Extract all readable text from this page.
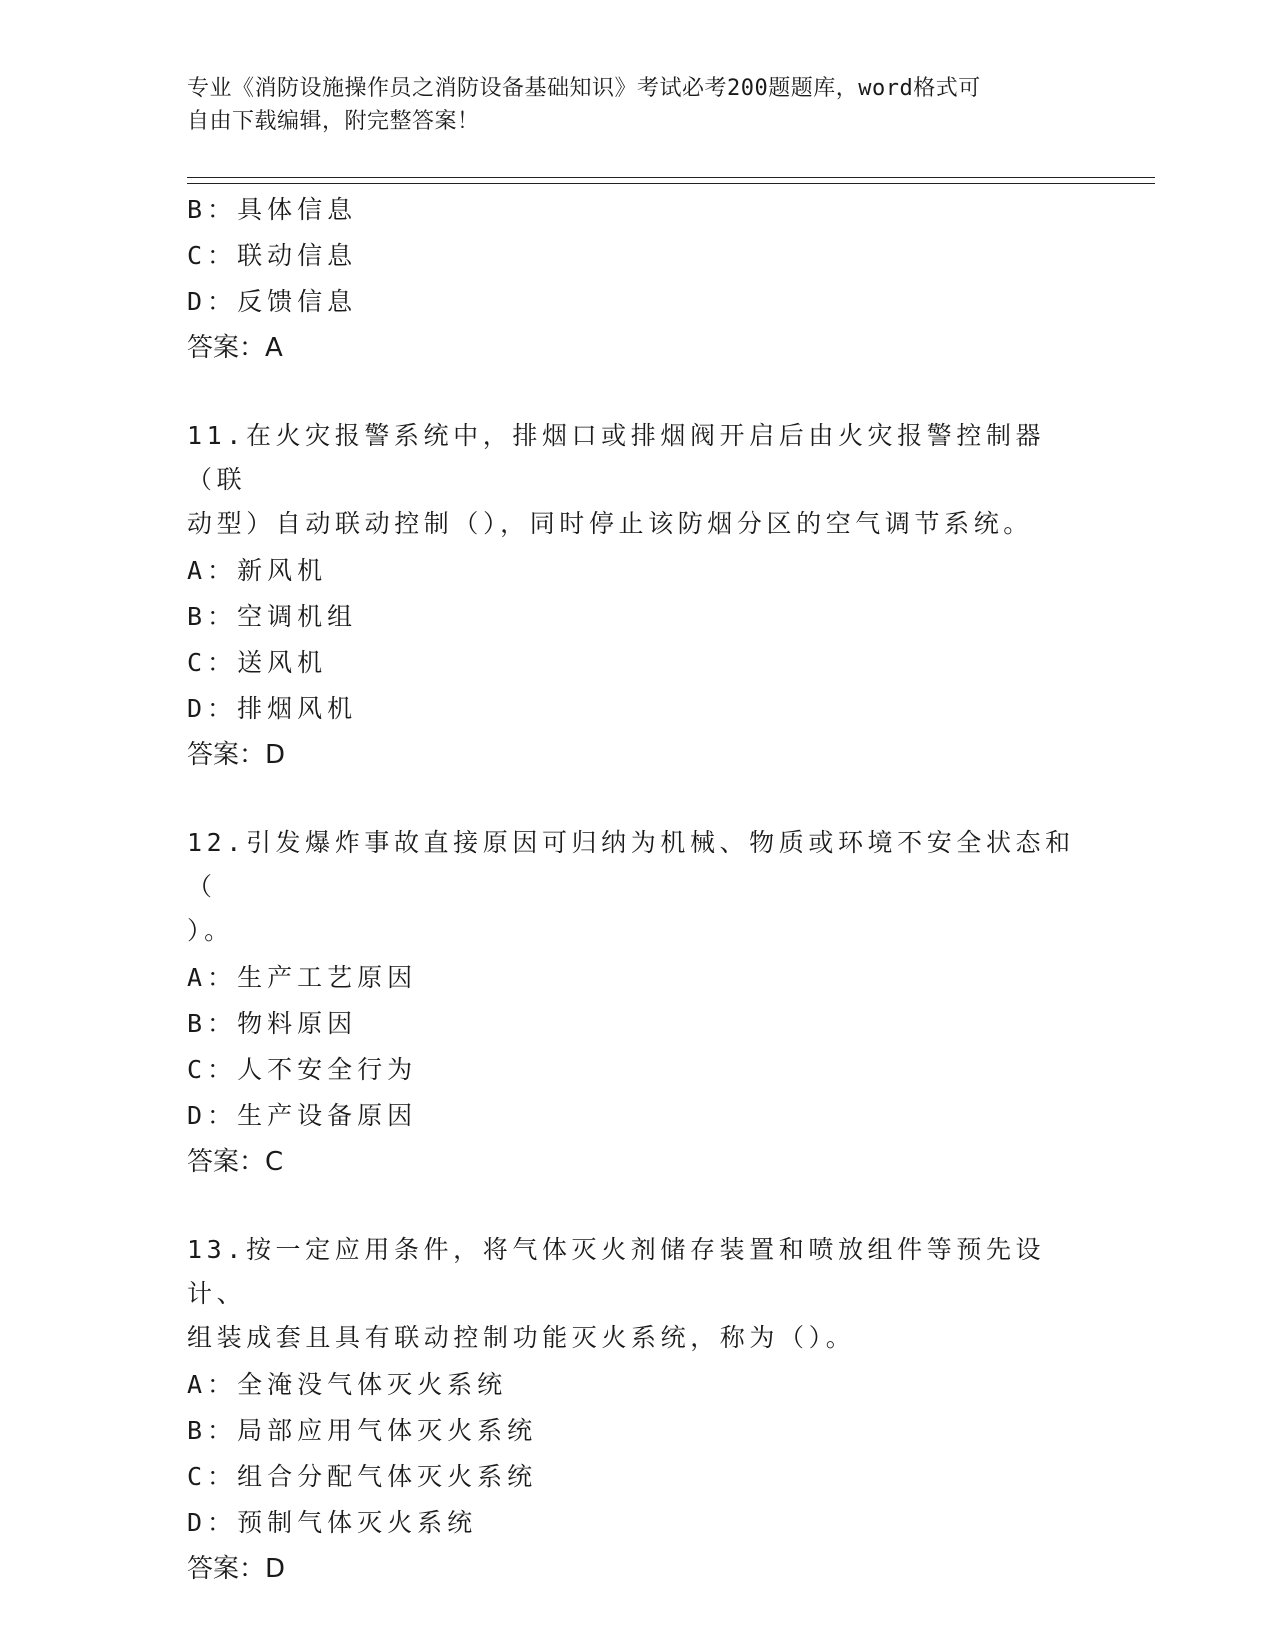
专业《消防设施操作员之消防设备基础知识》考试必考200题题库，word格式可
自由下载编辑，附完整答案！
B：具体信息
C：联动信息
D：反馈信息
答案：A
11.在火灾报警系统中，排烟口或排烟阀开启后由火灾报警控制器（联
动型）自动联动控制（），同时停止该防烟分区的空气调节系统。
A：新风机
B：空调机组
C：送风机
D：排烟风机
答案：D
12.引发爆炸事故直接原因可归纳为机械、物质或环境不安全状态和（
）。
A：生产工艺原因
B：物料原因
C：人不安全行为
D：生产设备原因
答案：C
13.按一定应用条件，将气体灭火剂储存装置和喷放组件等预先设计、
组装成套且具有联动控制功能灭火系统，称为（）。
A：全淹没气体灭火系统
B：局部应用气体灭火系统
C：组合分配气体灭火系统
D：预制气体灭火系统
答案：D
